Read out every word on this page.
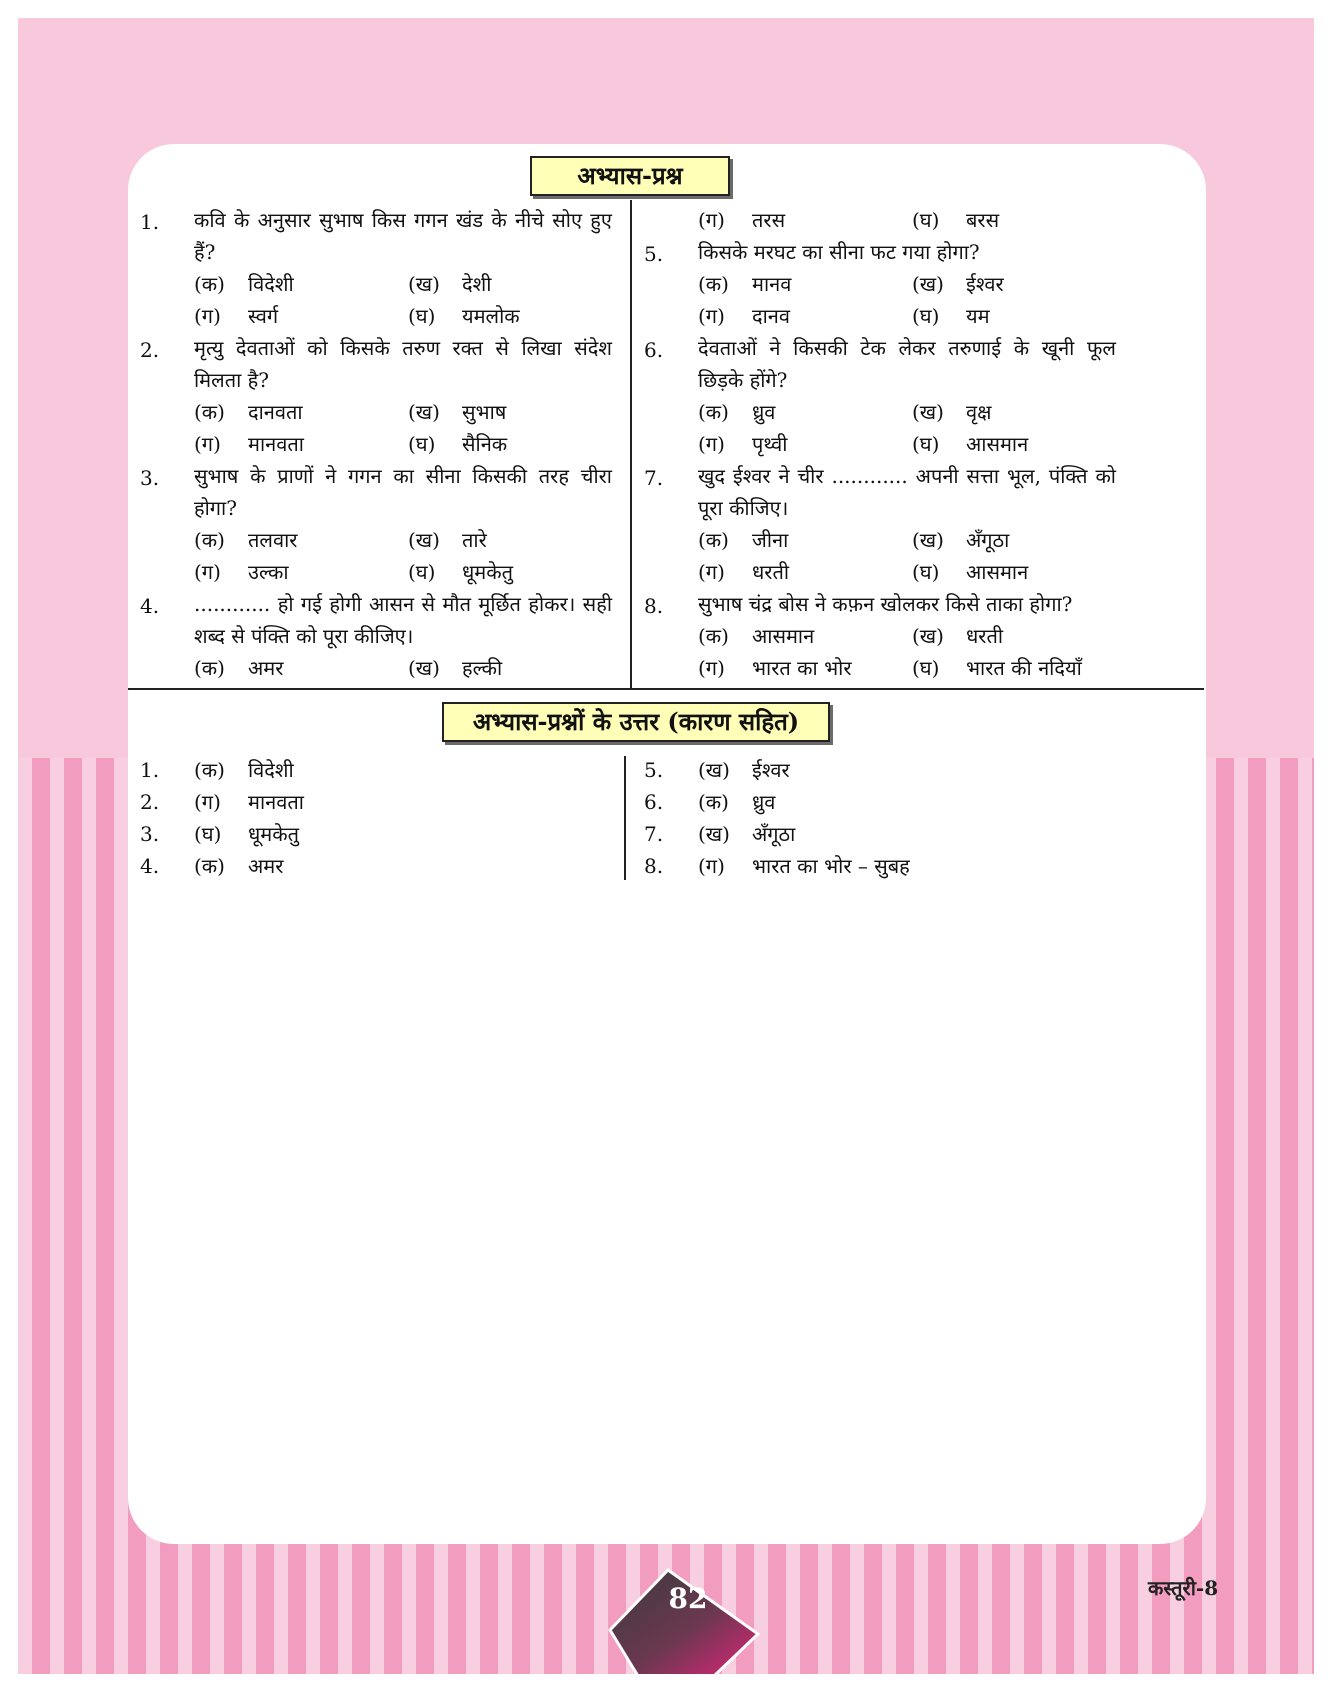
अभ्यास-प्रश्न
(ग) तरस	(घ) बरस
1. कवि के अनुसार सुभाष किस गगन खंड के नीचे सोए हुए
हैं?
(क) विदेशी	(ख) देशी
(ग) स्वर्ग	(घ) यमलोक
2. मृत्यु देवताओं को किसके तरुण रक्त से लिखा संदेश
मिलता है?
(क) दानवता	(ख) सुभाष
(ग) मानवता	(घ) सैनिक
3. सुभाष के प्राणों ने गगन का सीना किसकी तरह चीरा
होगा?
(क) तलवार	(ख) तारे
(ग) उल्का	(घ) धूमकेतु
4. ............ हो गई होगी आसन से मौत मूर्छित होकर। सही
शब्द से पंक्ति को पूरा कीजिए।
(क) अमर	(ख) हल्की
5. किसके मरघट का सीना फट गया होगा?
(क) मानव	(ख) ईश्वर
(ग) दानव	(घ) यम
6. देवताओं ने किसकी टेक लेकर तरुणाई के खूनी फूल
छिड़के होंगे?
(क) ध्रुव	(ख) वृक्ष
(ग) पृथ्वी	(घ) आसमान
7. खुद ईश्वर ने चीर ............ अपनी सत्ता भूल, पंक्ति को
पूरा कीजिए।
(क) जीना	(ख) अँगूठा
(ग) धरती	(घ) आसमान
8. सुभाष चंद्र बोस ने कफ़न खोलकर किसे ताका होगा?
(क) आसमान	(ख) धरती
(ग) भारत का भोर	(घ) भारत की नदियाँ
अभ्यास-प्रश्नों के उत्तर (कारण सहित)
1. (क) विदेशी
2. (ग) मानवता
3. (घ) धूमकेतु
4. (क) अमर
5. (ख) ईश्वर
6. (क) ध्रुव
7. (ख) अँगूठा
8. (ग) भारत का भोर – सुबह
82	कस्तूरी-8
